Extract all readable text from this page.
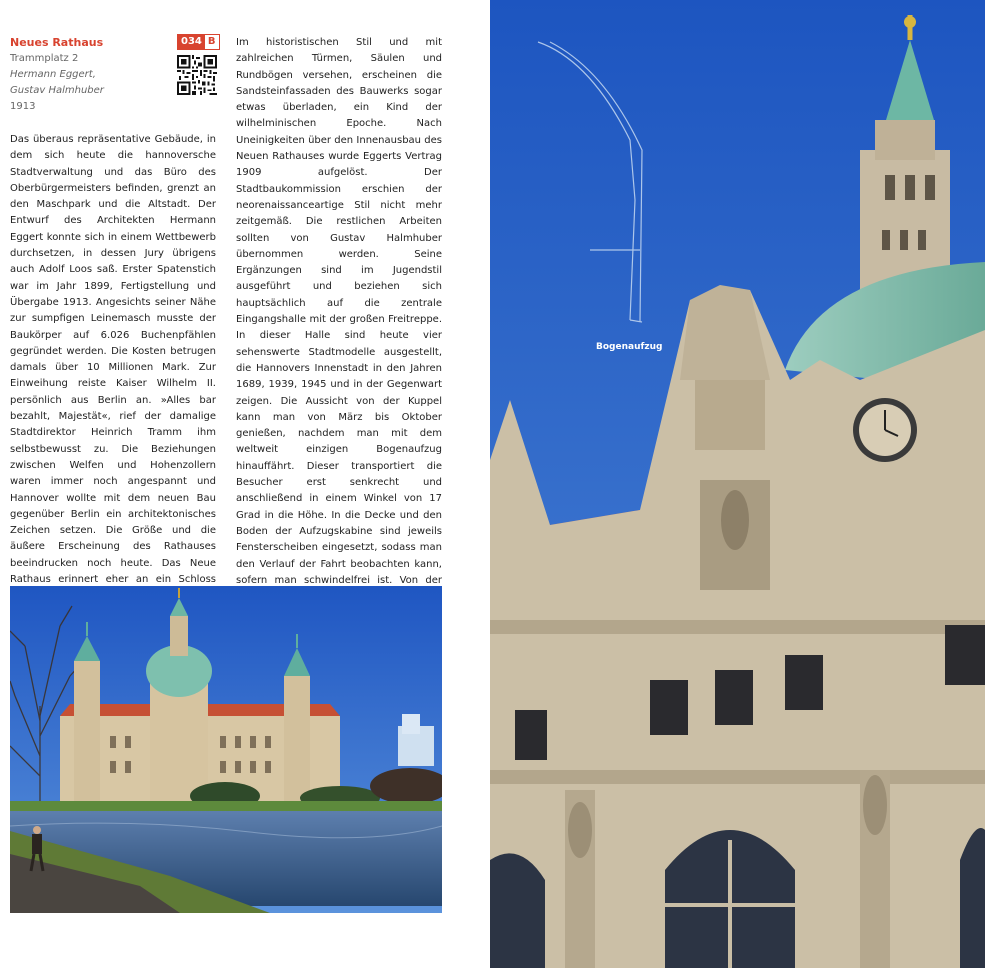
Neues Rathaus
Trammplatz 2
Hermann Eggert,
Gustav Halmhuber
1913
034 B
Das überaus repräsentative Gebäude, in dem sich heute die hannoversche Stadtverwaltung und das Büro des Oberbürgermeisters befinden, grenzt an den Maschpark und die Altstadt. Der Entwurf des Architekten Hermann Eggert konnte sich in einem Wettbewerb durchsetzen, in dessen Jury übrigens auch Adolf Loos saß. Erster Spatenstich war im Jahr 1899, Fertigstellung und Übergabe 1913. Angesichts seiner Nähe zur sumpfigen Leinemasch musste der Baukörper auf 6.026 Buchenpfählen gegründet werden. Die Kosten betrugen damals über 10 Millionen Mark. Zur Einweihung reiste Kaiser Wilhelm II. persönlich aus Berlin an. »Alles bar bezahlt, Majestät«, rief der damalige Stadtdirektor Heinrich Tramm ihm selbstbewusst zu. Die Beziehungen zwischen Welfen und Hohenzollern waren immer noch angespannt und Hannover wollte mit dem neuen Bau gegenüber Berlin ein architektonisches Zeichen setzen. Die Größe und die äußere Erscheinung des Rathauses beeindrucken noch heute. Das Neue Rathaus erinnert eher an ein Schloss
Im historistischen Stil und mit zahlreichen Türmen, Säulen und Rundbögen versehen, erscheinen die Sandsteinfassaden des Bauwerks sogar etwas überladen, ein Kind der wilhelminischen Epoche. Nach Uneinigkeiten über den Innenausbau des Neuen Rathauses wurde Eggerts Vertrag 1909 aufgelöst. Der Stadtbaukommission erschien der neorenaissanceartige Stil nicht mehr zeitgemäß. Die restlichen Arbeiten sollten von Gustav Halmhuber übernommen werden. Seine Ergänzungen sind im Jugendstil ausgeführt und beziehen sich hauptsächlich auf die zentrale Eingangshalle mit der großen Freitreppe. In dieser Halle sind heute vier sehenswerte Stadtmodelle ausgestellt, die Hannovers Innenstadt in den Jahren 1689, 1939, 1945 und in der Gegenwart zeigen. Die Aussicht von der Kuppel kann man von März bis Oktober genießen, nachdem man mit dem weltweit einzigen Bogenaufzug hinauffährt. Dieser transportiert die Besucher erst senkrecht und anschließend in einem Winkel von 17 Grad in die Höhe. In die Decke und den Boden der Aufzugskabine sind jeweils Fensterscheiben eingesetzt, sodass man den Verlauf der Fahrt beobachten kann, sofern man schwindelfrei ist. Von der
Bogenaufzug
